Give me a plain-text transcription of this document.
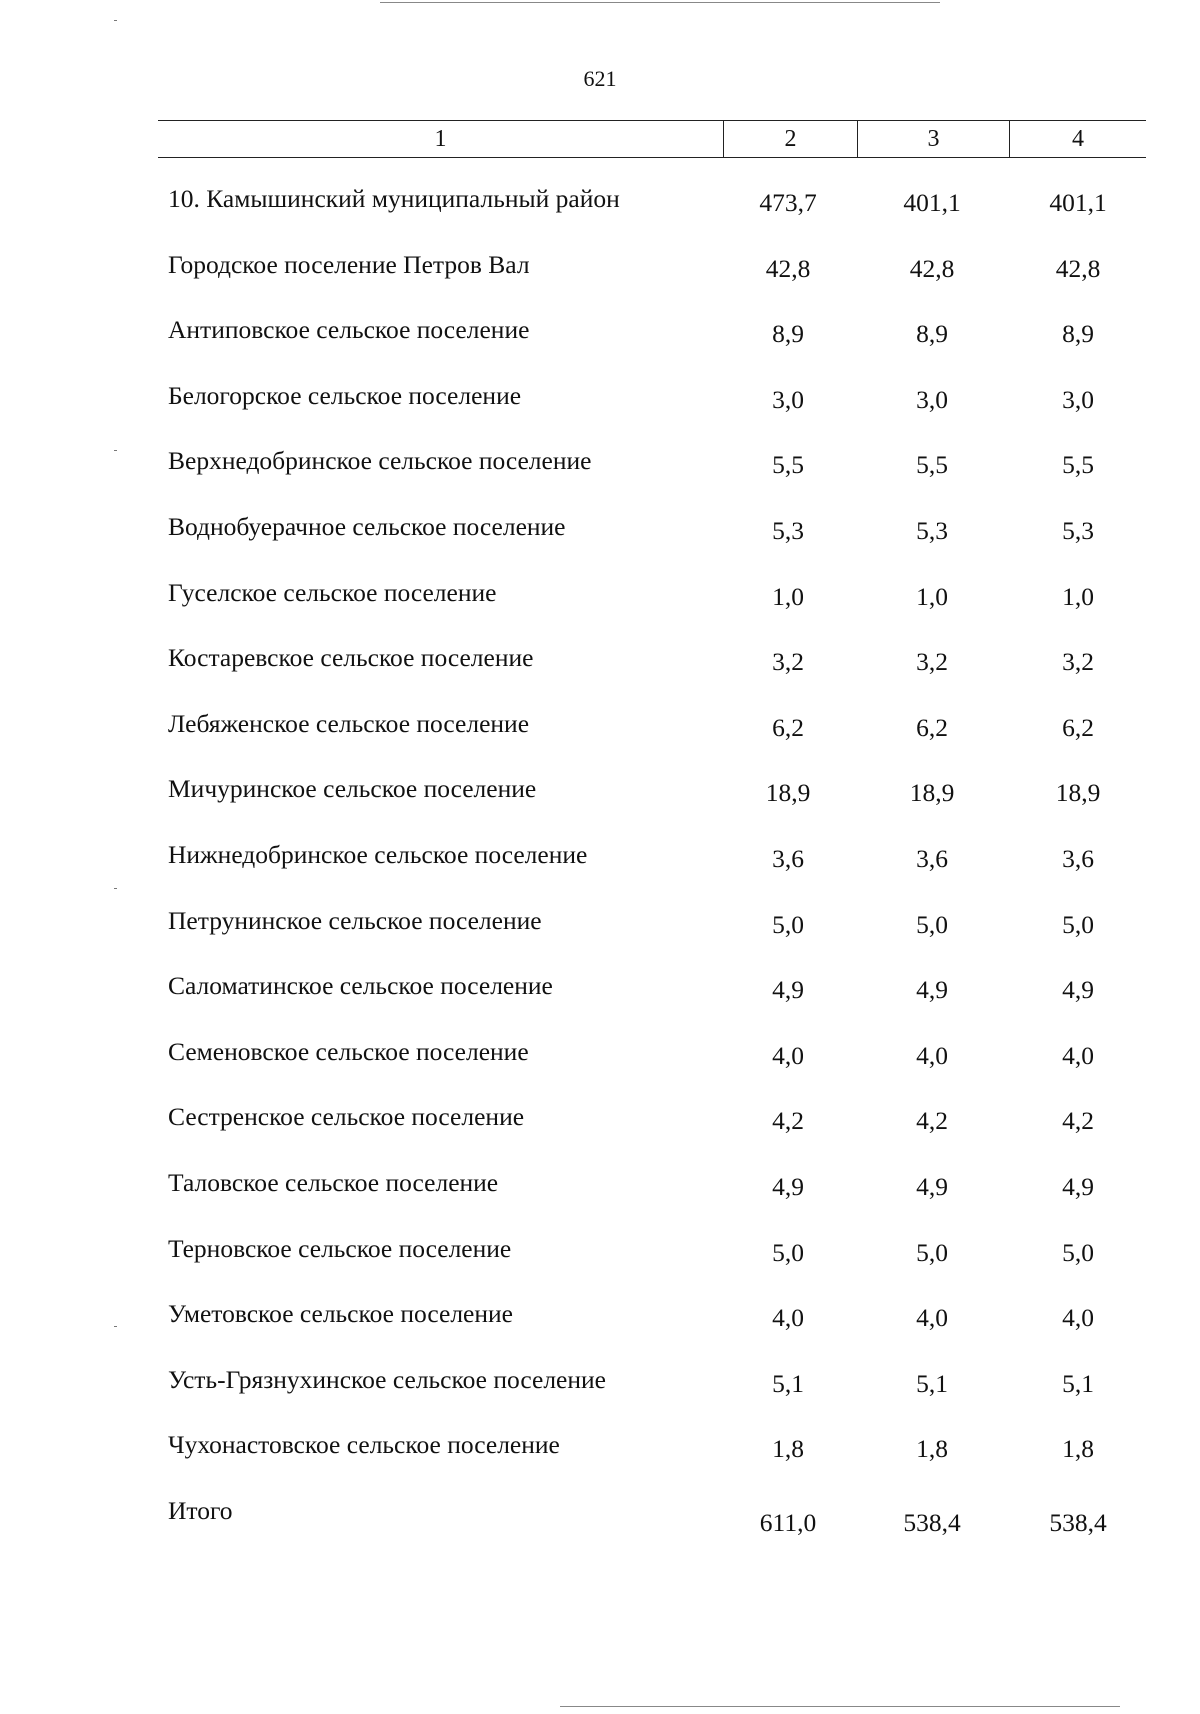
621
1	2	3	4
10. Камышинский муниципальный район	473,7	401,1	401,1
Городское поселение Петров Вал	42,8	42,8	42,8
Антиповское сельское поселение	8,9	8,9	8,9
Белогорское сельское поселение	3,0	3,0	3,0
Верхнедобринское сельское поселение	5,5	5,5	5,5
Воднобуерачное сельское поселение	5,3	5,3	5,3
Гуселское сельское поселение	1,0	1,0	1,0
Костаревское сельское поселение	3,2	3,2	3,2
Лебяженское сельское поселение	6,2	6,2	6,2
Мичуринское сельское поселение	18,9	18,9	18,9
Нижнедобринское сельское поселение	3,6	3,6	3,6
Петрунинское сельское поселение	5,0	5,0	5,0
Саломатинское сельское поселение	4,9	4,9	4,9
Семеновское сельское поселение	4,0	4,0	4,0
Сестренское сельское поселение	4,2	4,2	4,2
Таловское сельское поселение	4,9	4,9	4,9
Терновское сельское поселение	5,0	5,0	5,0
Уметовское сельское поселение	4,0	4,0	4,0
Усть-Грязнухинское сельское поселение	5,1	5,1	5,1
Чухонастовское сельское поселение	1,8	1,8	1,8
Итого	611,0	538,4	538,4
